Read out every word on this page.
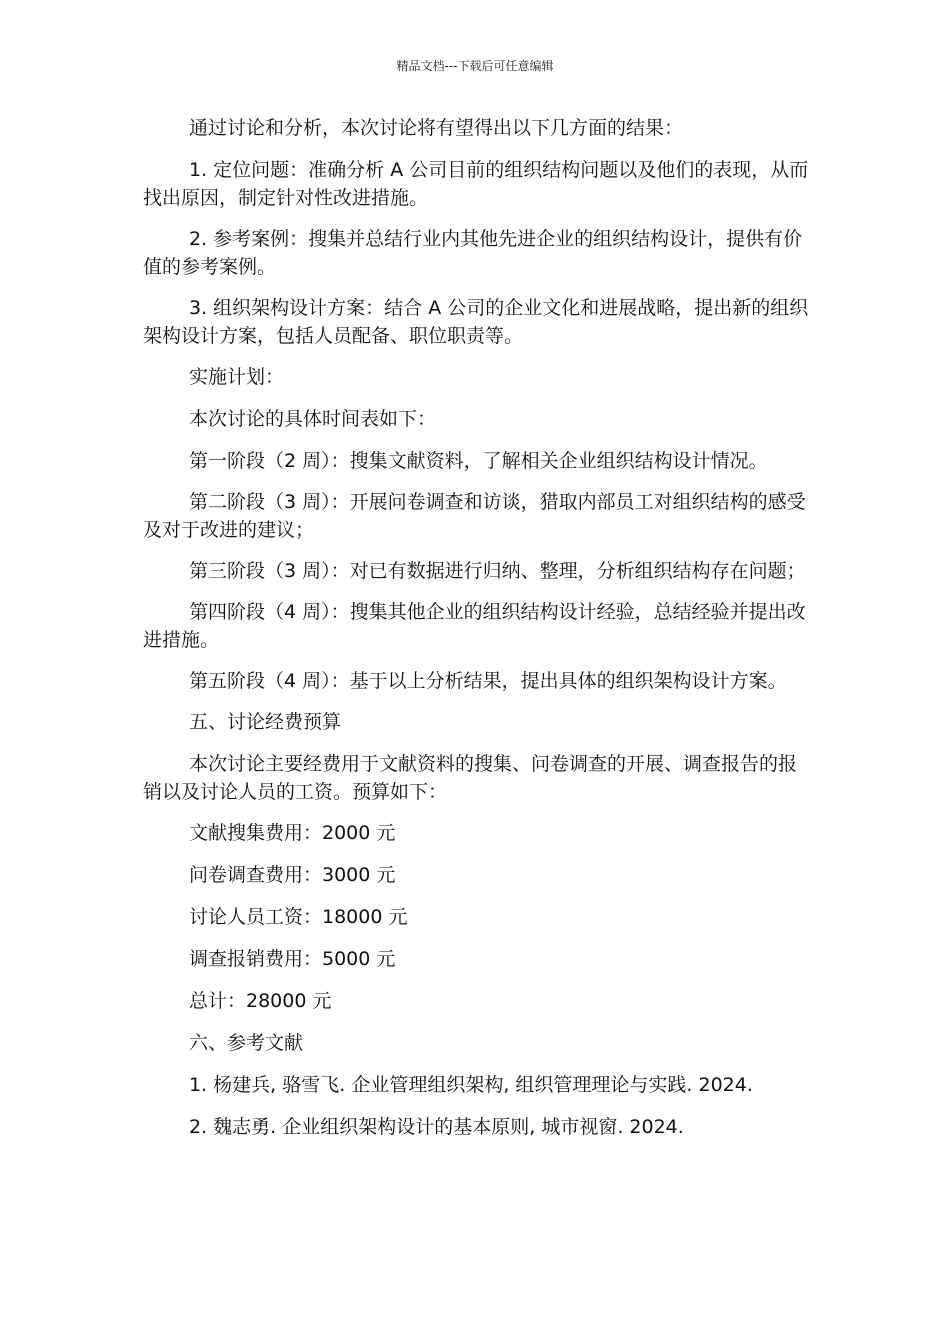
精品文档---下载后可任意编辑

通过讨论和分析，本次讨论将有望得出以下几方面的结果：

1. 定位问题：准确分析 A 公司目前的组织结构问题以及他们的表现，从而找出原因，制定针对性改进措施。

2. 参考案例：搜集并总结行业内其他先进企业的组织结构设计，提供有价值的参考案例。

3. 组织架构设计方案：结合 A 公司的企业文化和进展战略，提出新的组织架构设计方案，包括人员配备、职位职责等。

实施计划：

本次讨论的具体时间表如下：

第一阶段（2 周）：搜集文献资料，了解相关企业组织结构设计情况。

第二阶段（3 周）：开展问卷调查和访谈，猎取内部员工对组织结构的感受及对于改进的建议；

第三阶段（3 周）：对已有数据进行归纳、整理，分析组织结构存在问题；

第四阶段（4 周）：搜集其他企业的组织结构设计经验，总结经验并提出改进措施。

第五阶段（4 周）：基于以上分析结果，提出具体的组织架构设计方案。

五、讨论经费预算

本次讨论主要经费用于文献资料的搜集、问卷调查的开展、调查报告的报销以及讨论人员的工资。预算如下：

文献搜集费用：2000 元

问卷调查费用：3000 元

讨论人员工资：18000 元

调查报销费用：5000 元

总计：28000 元

六、参考文献

1. 杨建兵, 骆雪飞. 企业管理组织架构, 组织管理理论与实践. 2024.

2. 魏志勇. 企业组织架构设计的基本原则, 城市视窗. 2024.
